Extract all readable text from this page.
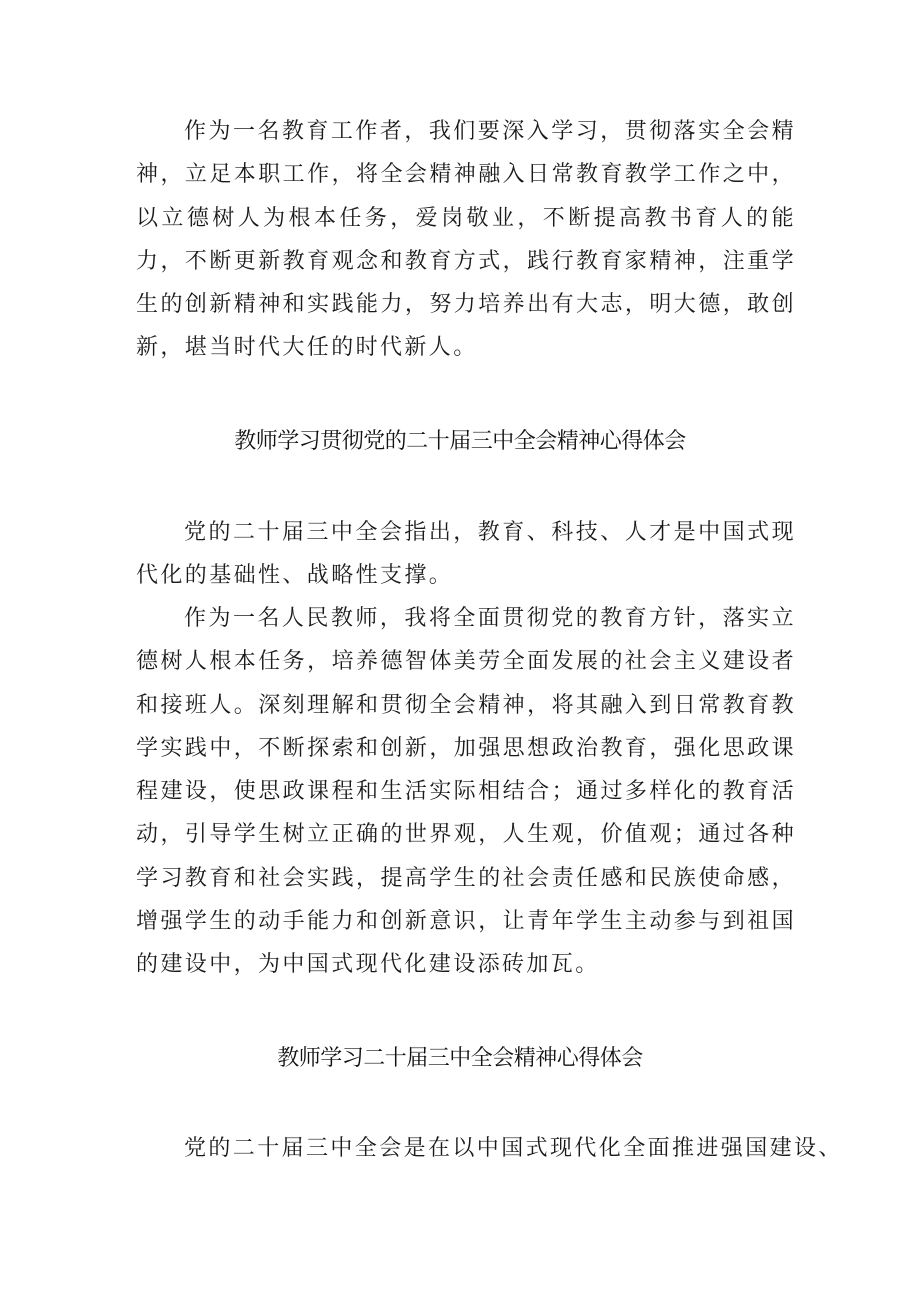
作为一名教育工作者，我们要深入学习，贯彻落实全会精神，立足本职工作，将全会精神融入日常教育教学工作之中，以立德树人为根本任务，爱岗敬业，不断提高教书育人的能力，不断更新教育观念和教育方式，践行教育家精神，注重学生的创新精神和实践能力，努力培养出有大志，明大德，敢创新，堪当时代大任的时代新人。

教师学习贯彻党的二十届三中全会精神心得体会

党的二十届三中全会指出，教育、科技、人才是中国式现代化的基础性、战略性支撑。

作为一名人民教师，我将全面贯彻党的教育方针，落实立德树人根本任务，培养德智体美劳全面发展的社会主义建设者和接班人。深刻理解和贯彻全会精神，将其融入到日常教育教学实践中，不断探索和创新，加强思想政治教育，强化思政课程建设，使思政课程和生活实际相结合；通过多样化的教育活动，引导学生树立正确的世界观，人生观，价值观；通过各种学习教育和社会实践，提高学生的社会责任感和民族使命感，增强学生的动手能力和创新意识，让青年学生主动参与到祖国的建设中，为中国式现代化建设添砖加瓦。

教师学习二十届三中全会精神心得体会

党的二十届三中全会是在以中国式现代化全面推进强国建设、
